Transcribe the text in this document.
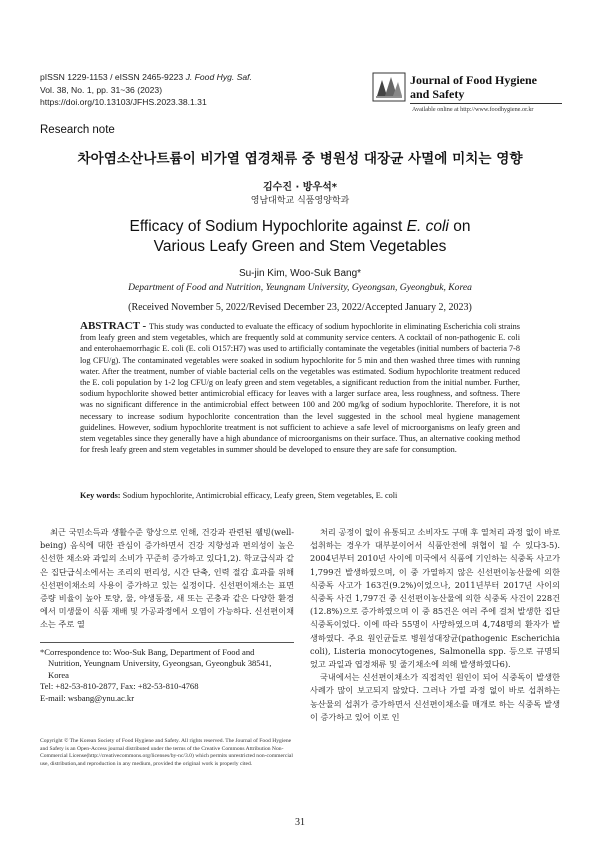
pISSN 1229-1153 / eISSN 2465-9223 J. Food Hyg. Saf.
Vol. 38, No. 1, pp. 31~36 (2023)
https://doi.org/10.13103/JFHS.2023.38.1.31
Journal of Food Hygiene
and Safety
Available online at http://www.foodhygiene.or.kr
Research note
차아염소산나트륨이 비가열 엽경채류 중 병원성 대장균 사멸에 미치는 영향
김수진 · 방우석*
영남대학교 식품영양학과
Efficacy of Sodium Hypochlorite against E. coli on
Various Leafy Green and Stem Vegetables
Su-jin Kim, Woo-Suk Bang*
Department of Food and Nutrition, Yeungnam University, Gyeongsan, Gyeongbuk, Korea
(Received November 5, 2022/Revised December 23, 2022/Accepted January 2, 2023)
ABSTRACT - This study was conducted to evaluate the efficacy of sodium hypochlorite in eliminating Escherichia coli strains from leafy green and stem vegetables, which are frequently sold at community service centers. A cocktail of non-pathogenic E. coli and enterohaemorrhagic E. coli (E. coli O157:H7) was used to artificially contaminate the vegetables (initial numbers of bacteria 7-8 log CFU/g). The contaminated vegetables were soaked in sodium hypochlorite for 5 min and then washed three times with running water. After the treatment, number of viable bacterial cells on the vegetables was estimated. Sodium hypochlorite treatment reduced the E. coli population by 1-2 log CFU/g on leafy green and stem vegetables, a significant reduction from the initial number. Further, sodium hypochlorite showed better antimicrobial efficacy for leaves with a larger surface area, less roughness, and softness. There was no significant difference in the antimicrobial effect between 100 and 200 mg/kg of sodium hypochlorite. Therefore, it is not necessary to increase sodium hypochlorite concentration than the level suggested in the school meal hygiene management guidelines. However, sodium hypochlorite treatment is not sufficient to achieve a safe level of microorganisms on leafy green and stem vegetables since they generally have a high abundance of microorganisms on their surface. Thus, an alternative cooking method for fresh leafy green and stem vegetables in summer should be developed to ensure they are safe for consumption.
Key words: Sodium hypochlorite, Antimicrobial efficacy, Leafy green, Stem vegetables, E. coli

최근 국민소득과 생활수준 향상으로 인해, 건강과 관련된 웰빙(well-being) 음식에 대한 관심이 증가하면서 건강 지향성과 편의성이 높은 신선한 채소와 과일의 소비가 꾸준히 증가하고 있다1,2). 학교급식과 같은 집단급식소에서는 조리의 편리성, 시간 단축, 인력 절감 효과를 위해 신선편이채소의 사용이 증가하고 있는 실정이다. 신선편이채소는 표면 증량 비율이 높아 토양, 물, 야생동물, 새 또는 곤충과 같은 다양한 환경에서 미생물이 식품 재배 및 가공과정에서 오염이 가능하다. 신선편이채소는 주로 열

처리 공정이 없이 유통되고 소비자도 구매 후 열처리 과정 없이 바로 섭취하는 경우가 대부분이어서 식품안전에 위협이 될 수 있다3-5). 2004년부터 2010년 사이에 미국에서 식품에 기인하는 식중독 사고가 1,799건 발생하였으며, 이 중 가열하지 않은 신선편이농산물에 의한 식중독 사고가 163건(9.2%)이었으나, 2011년부터 2017년 사이의 식중독 사건 1,797건 중 신선편이농산물에 의한 식중독 사건이 228건(12.8%)으로 증가하였으며 이 중 85건은 여러 주에 걸쳐 발생한 집단식중독이었다. 이에 따라 55명이 사망하였으며 4,748명의 환자가 발생하였다. 주요 원인균들로 병원성대장균(pathogenic Escherichia coli), Listeria monocytogenes, Salmonella spp. 등으로 규명되었고 과일과 엽경채류 및 줄기채소에 의해 발생하였다6).

국내에서는 신선편이채소가 직접적인 원인이 되어 식중독이 발생한 사례가 많이 보고되지 않았다. 그러나 가열 과정 없이 바로 섭취하는 농산물의 섭취가 증가하면서 신선편이채소를 매개로 하는 식중독 발생이 증가하고 있어 이로 인

*Correspondence to: Woo-Suk Bang, Department of Food and
Nutrition, Yeungnam University, Gyeongsan, Gyeongbuk 38541,
Korea
Tel: +82-53-810-2877, Fax: +82-53-810-4768
E-mail: wsbang@ynu.ac.kr
Copyright © The Korean Society of Food Hygiene and Safety. All rights reserved. The Journal of Food Hygiene and Safety is an Open-Access journal distributed under the terms of the Creative Commons Attribution Non-Commercial License(http://creativecommons.org/licenses/by-nc/3.0) which permits unrestricted non-commercial use, distribution,and reproduction in any medium, provided the original work is properly cited.
31
